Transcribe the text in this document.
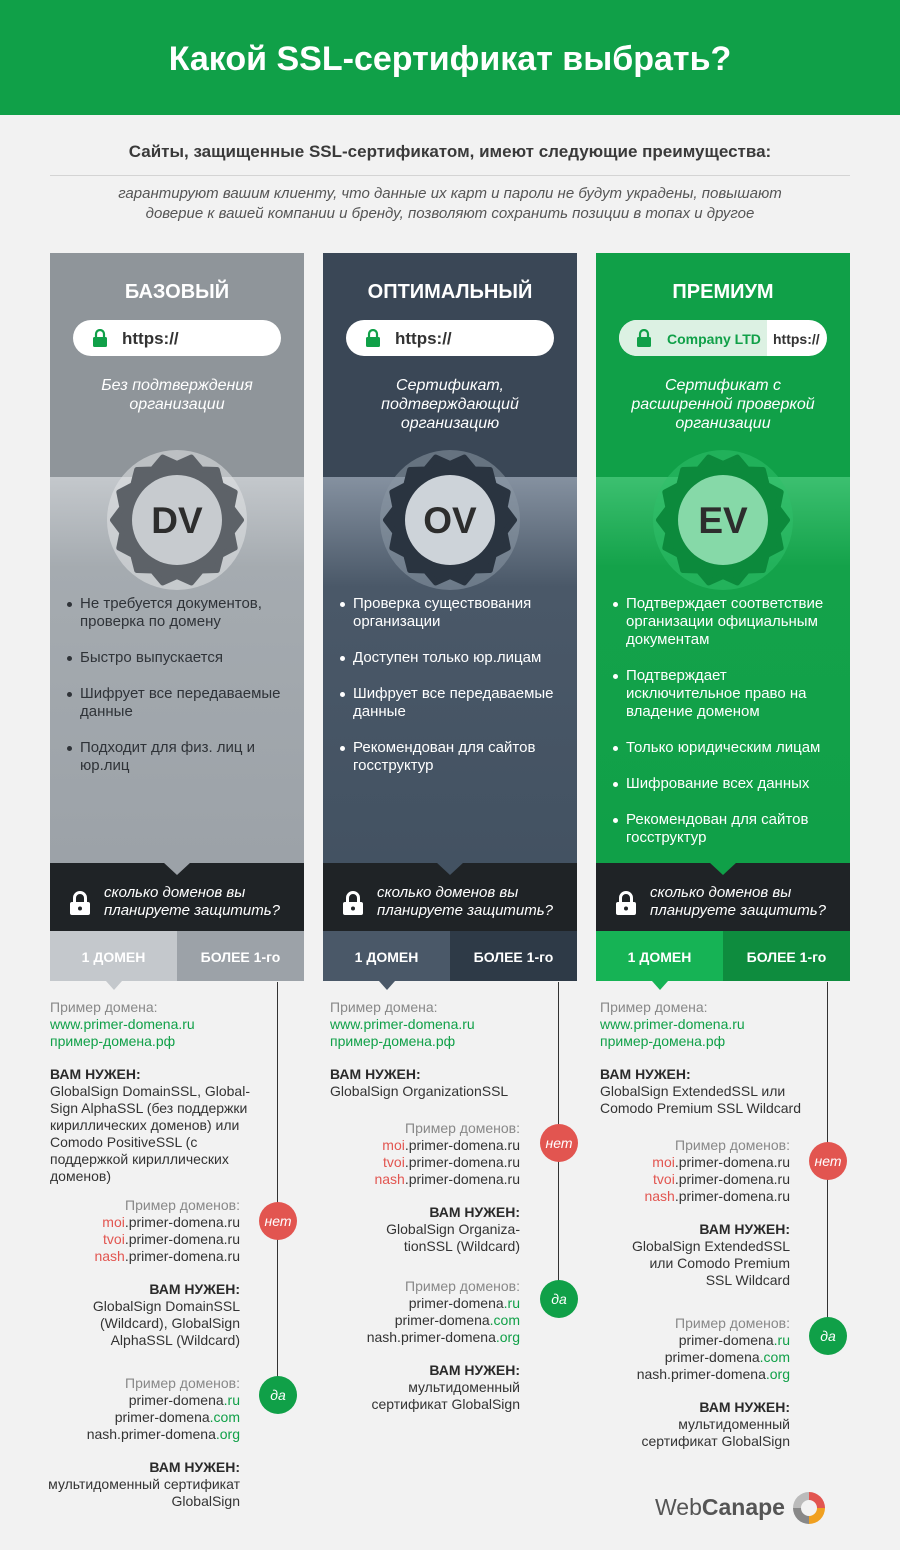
Какой SSL-сертификат выбрать?
Сайты, защищенные SSL-сертификатом, имеют следующие преимущества:
гарантируют вашим клиенту, что данные их карт и пароли не будут украдены, повышают доверие к вашей компании и бренду, позволяют сохранить позиции в топах и другое
БАЗОВЫЙ
https://
Без подтверждения организации
DV
Не требуется документов, проверка по домену
Быстро выпускается
Шифрует все передаваемые данные
Подходит для физ. лиц и юр.лиц
ОПТИМАЛЬНЫЙ
https://
Сертификат, подтверждающий организацию
OV
Проверка существования организации
Доступен только юр.лицам
Шифрует все передаваемые данные
Рекомендован для сайтов госструктур
ПРЕМИУМ
Company LTD https://
Сертификат с расширенной проверкой организации
EV
Подтверждает соответствие организации официальным документам
Подтверждает исключительное право на владение доменом
Только юридическим лицам
Шифрование всех данных
Рекомендован для сайтов госструктур
сколько доменов вы планируете защитить?
сколько доменов вы планируете защитить?
сколько доменов вы планируете защитить?
1 ДОМЕН	БОЛЕЕ 1-го	1 ДОМЕН	БОЛЕЕ 1-го	1 ДОМЕН	БОЛЕЕ 1-го
нет
да
нет
да
нет
да
Пример домена:
www.primer-domena.ru
пример-домена.рф
ВАМ НУЖЕН:
GlobalSign DomainSSL, Global-Sign AlphaSSL (без поддержки кириллических доменов) или Comodo PositiveSSL (с поддержкой кириллических доменов)
Пример доменов:
moi.primer-domena.ru
tvoi.primer-domena.ru
nash.primer-domena.ru
ВАМ НУЖЕН:
GlobalSign DomainSSL (Wildcard), GlobalSign AlphaSSL (Wildcard)
Пример доменов:
primer-domena.ru
primer-domena.com
nash.primer-domena.org
ВАМ НУЖЕН:
мультидоменный сертификат GlobalSign
Пример домена:
www.primer-domena.ru
пример-домена.рф
ВАМ НУЖЕН:
GlobalSign OrganizationSSL
Пример доменов:
moi.primer-domena.ru
tvoi.primer-domena.ru
nash.primer-domena.ru
ВАМ НУЖЕН:
GlobalSign Organiza-tionSSL (Wildcard)
Пример доменов:
primer-domena.ru
primer-domena.com
nash.primer-domena.org
ВАМ НУЖЕН:
мультидоменный сертификат GlobalSign
Пример домена:
www.primer-domena.ru
пример-домена.рф
ВАМ НУЖЕН:
GlobalSign ExtendedSSL или Comodo Premium SSL Wildcard
Пример доменов:
moi.primer-domena.ru
tvoi.primer-domena.ru
nash.primer-domena.ru
ВАМ НУЖЕН:
GlobalSign ExtendedSSL или Comodo Premium SSL Wildcard
Пример доменов:
primer-domena.ru
primer-domena.com
nash.primer-domena.org
ВАМ НУЖЕН:
мультидоменный сертификат GlobalSign
WebCanape
